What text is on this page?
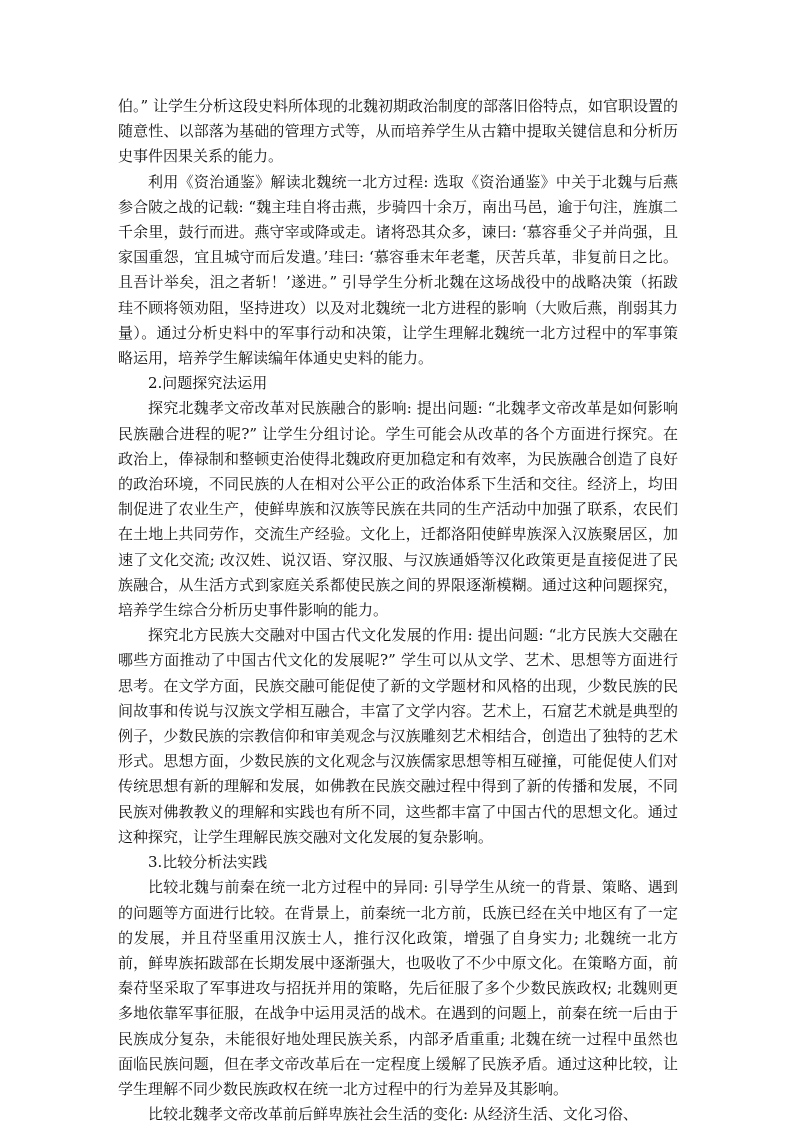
伯。” 让学生分析这段史料所体现的北魏初期政治制度的部落旧俗特点，如官职设置的随意性、以部落为基础的管理方式等，从而培养学生从古籍中提取关键信息和分析历史事件因果关系的能力。

利用《资治通鉴》解读北魏统一北方过程: 选取《资治通鉴》中关于北魏与后燕参合陂之战的记载: “魏主珪自将击燕，步骑四十余万，南出马邑，逾于句注，旌旗二千余里，鼓行而进。燕守宰或降或走。诸将恐其众多，谏曰: ‘慕容垂父子并尚强，且家国重怨，宜且城守而后发遣。’珪曰: ‘慕容垂末年老耄，厌苦兵革，非复前日之比。且吾计举矣，沮之者斩！’遂进。” 引导学生分析北魏在这场战役中的战略决策（拓跋珪不顾将领劝阻，坚持进攻）以及对北魏统一北方进程的影响（大败后燕，削弱其力量）。通过分析史料中的军事行动和决策，让学生理解北魏统一北方过程中的军事策略运用，培养学生解读编年体通史史料的能力。

2.问题探究法运用

探究北魏孝文帝改革对民族融合的影响: 提出问题: “北魏孝文帝改革是如何影响民族融合进程的呢?” 让学生分组讨论。学生可能会从改革的各个方面进行探究。在政治上，俸禄制和整顿吏治使得北魏政府更加稳定和有效率，为民族融合创造了良好的政治环境，不同民族的人在相对公平公正的政治体系下生活和交往。经济上，均田制促进了农业生产，使鲜卑族和汉族等民族在共同的生产活动中加强了联系，农民们在土地上共同劳作，交流生产经验。文化上，迁都洛阳使鲜卑族深入汉族聚居区，加速了文化交流; 改汉姓、说汉语、穿汉服、与汉族通婚等汉化政策更是直接促进了民族融合，从生活方式到家庭关系都使民族之间的界限逐渐模糊。通过这种问题探究，培养学生综合分析历史事件影响的能力。

探究北方民族大交融对中国古代文化发展的作用: 提出问题: “北方民族大交融在哪些方面推动了中国古代文化的发展呢?” 学生可以从文学、艺术、思想等方面进行思考。在文学方面，民族交融可能促使了新的文学题材和风格的出现，少数民族的民间故事和传说与汉族文学相互融合，丰富了文学内容。艺术上，石窟艺术就是典型的例子，少数民族的宗教信仰和审美观念与汉族雕刻艺术相结合，创造出了独特的艺术形式。思想方面，少数民族的文化观念与汉族儒家思想等相互碰撞，可能促使人们对传统思想有新的理解和发展，如佛教在民族交融过程中得到了新的传播和发展，不同民族对佛教教义的理解和实践也有所不同，这些都丰富了中国古代的思想文化。通过这种探究，让学生理解民族交融对文化发展的复杂影响。

3.比较分析法实践

比较北魏与前秦在统一北方过程中的异同: 引导学生从统一的背景、策略、遇到的问题等方面进行比较。在背景上，前秦统一北方前，氐族已经在关中地区有了一定的发展，并且苻坚重用汉族士人，推行汉化政策，增强了自身实力; 北魏统一北方前，鲜卑族拓跋部在长期发展中逐渐强大，也吸收了不少中原文化。在策略方面，前秦苻坚采取了军事进攻与招抚并用的策略，先后征服了多个少数民族政权; 北魏则更多地依靠军事征服，在战争中运用灵活的战术。在遇到的问题上，前秦在统一后由于民族成分复杂，未能很好地处理民族关系，内部矛盾重重; 北魏在统一过程中虽然也面临民族问题，但在孝文帝改革后在一定程度上缓解了民族矛盾。通过这种比较，让学生理解不同少数民族政权在统一北方过程中的行为差异及其影响。

比较北魏孝文帝改革前后鲜卑族社会生活的变化: 从经济生活、文化习俗、
